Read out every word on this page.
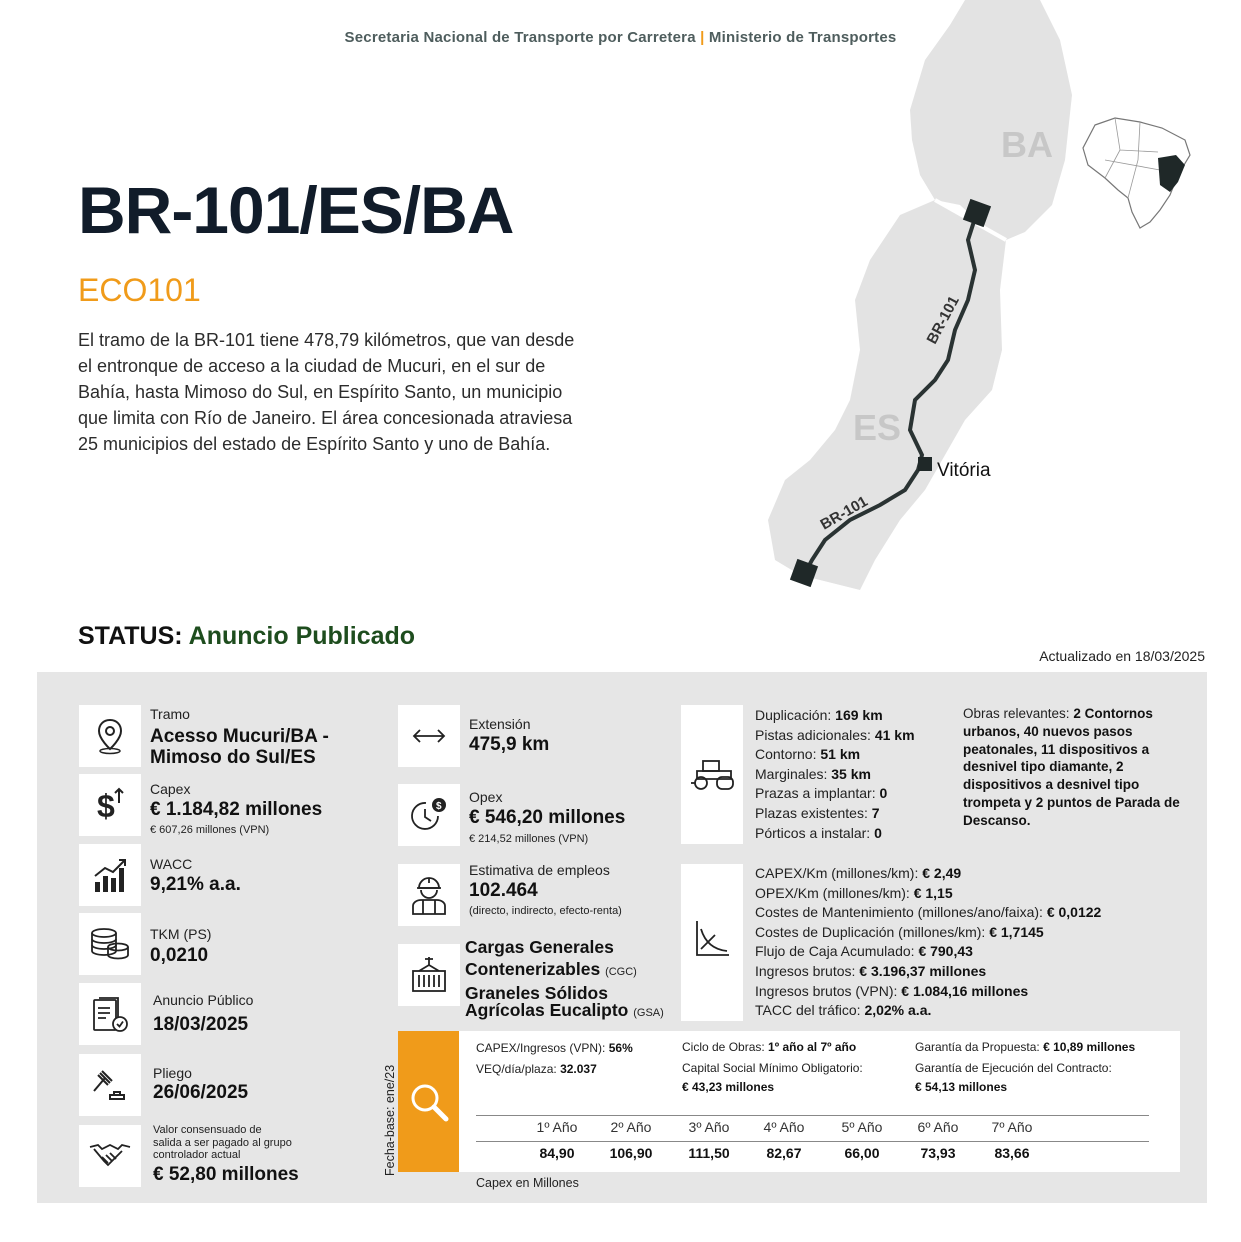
Secretaria Nacional de Transporte por Carretera | Ministerio de Transportes
BA
ES
Vitória
BR-101
BR-101
BR-101/ES/BA
ECO101
El tramo de la BR-101 tiene 478,79 kilómetros, que van desde el entronque de acceso a la ciudad de Mucuri, en el sur de Bahía, hasta Mimoso do Sul, en Espírito Santo, un municipio que limita con Río de Janeiro. El área concesionada atraviesa 25 municipios del estado de Espírito Santo y uno de Bahía.
STATUS: Anuncio Publicado
Actualizado en 18/03/2025
Tramo
Acesso Mucuri/BA -
Mimoso do Sul/ES
$	Capex
€ 1.184,82 millones
€ 607,26 millones (VPN)
WACC
9,21% a.a.
TKM (PS)
0,0210
Anuncio Público
18/03/2025
Pliego
26/06/2025
Valor consensuado de
salida a ser pagado al grupo
controlador actual
€ 52,80 millones
Extensión
475,9 km
$
Opex
€ 546,20 millones
€ 214,52 millones (VPN)
Estimativa de empleos
102.464
(directo, indirecto, efecto-renta)
Cargas Generales
Contenerizables (CGC)
Graneles Sólidos
Agrícolas Eucalipto (GSA)
Duplicación: 169 km
Pistas adicionales: 41 km
Contorno: 51 km
Marginales: 35 km
Prazas a implantar: 0
Plazas existentes: 7
Pórticos a instalar: 0
Obras relevantes: 2 Contornos urbanos, 40 nuevos pasos peatonales, 11 dispositivos a desnivel tipo diamante, 2 dispositivos a desnivel tipo trompeta y 2 puntos de Parada de Descanso.
CAPEX/Km (millones/km): € 2,49
OPEX/Km (millones/km): € 1,15
Costes de Mantenimiento (millones/ano/faixa): € 0,0122
Costes de Duplicación (millones/km): € 1,7145
Flujo de Caja Acumulado: € 790,43
Ingresos brutos: € 3.196,37 millones
Ingresos brutos (VPN): € 1.084,16 millones
TACC del tráfico: 2,02% a.a.
Fecha-base: ene/23
CAPEX/Ingresos (VPN): 56%
VEQ/día/plaza: 32.037
Ciclo de Obras: 1º año al 7º año
Capital Social Mínimo Obligatorio:
€ 43,23 millones
Garantía da Propuesta: € 10,89 millones
Garantía de Ejecución del Contracto:
€ 54,13 millones
1º Año	2º Año	3º Año	4º Año	5º Año	6º Año	7º Año
84,90	106,90	111,50	82,67	66,00	73,93	83,66
Capex en Millones
